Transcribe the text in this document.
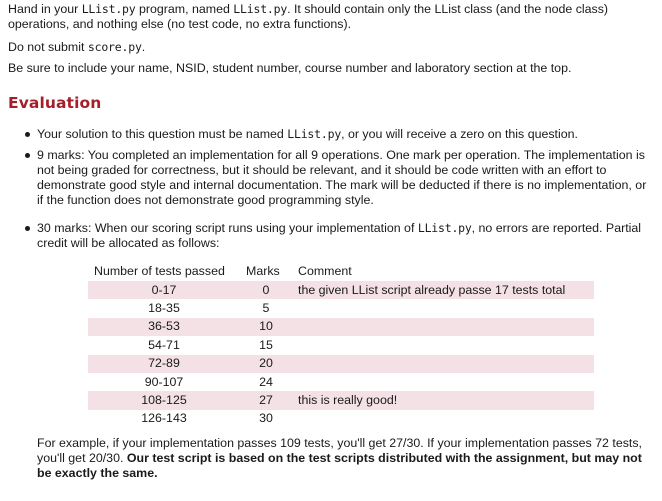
Hand in your LList.py program, named LList.py. It should contain only the LList class (and the node class) operations, and nothing else (no test code, no extra functions).

Do not submit score.py.

Be sure to include your name, NSID, student number, course number and laboratory section at the top.

Evaluation
Your solution to this question must be named LList.py, or you will receive a zero on this question.
9 marks: You completed an implementation for all 9 operations. One mark per operation. The implementation is not being graded for correctness, but it should be relevant, and it should be code written with an effort to demonstrate good style and internal documentation. The mark will be deducted if there is no implementation, or if the function does not demonstrate good programming style.
30 marks: When our scoring script runs using your implementation of LList.py, no errors are reported. Partial credit will be allocated as follows:
Number of tests passed	Marks	Comment
0-17	0	the given LList script already passe 17 tests total
18-35	5	
36-53	10	
54-71	15	
72-89	20	
90-107	24	
108-125	27	this is really good!
126-143	30	

For example, if your implementation passes 109 tests, you'll get 27/30. If your implementation passes 72 tests, you'll get 20/30. Our test script is based on the test scripts distributed with the assignment, but may not be exactly the same.
